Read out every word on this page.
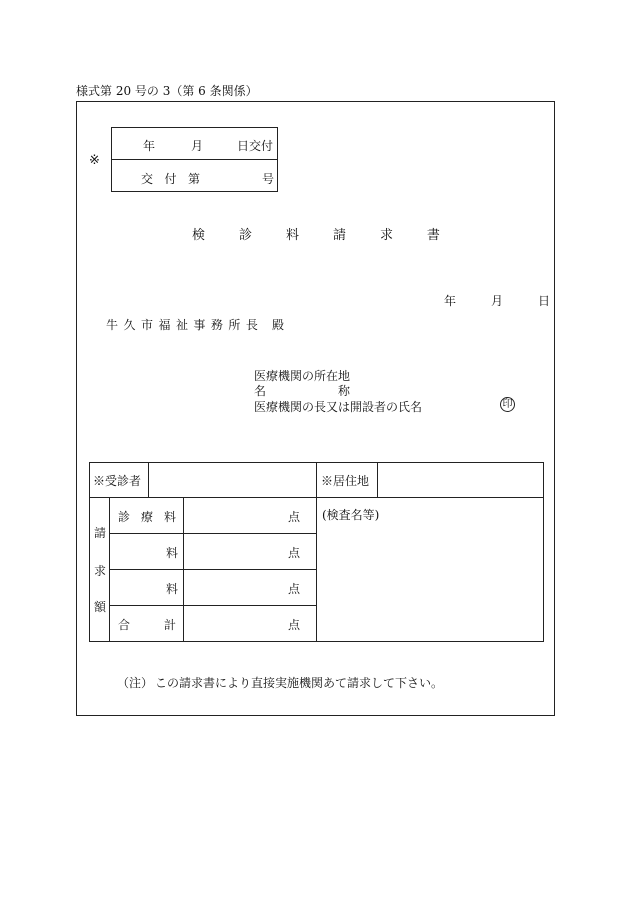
様式第 20 号の 3（第 6 条関係）
※
年	月	日交付
交 付 第	号
検	診	料	請	求	書
年	月	日
牛 久 市 福 祉 事 務 所 長 殿
医療機関の所在地
名	称
医療機関の長又は開設者の氏名	印
※受診者	※居住地
請
求
額
診 療 料	点
料	点
料	点
合	計	点
(検査名等)
（注） この請求書により直接実施機関あて請求して下さい。
